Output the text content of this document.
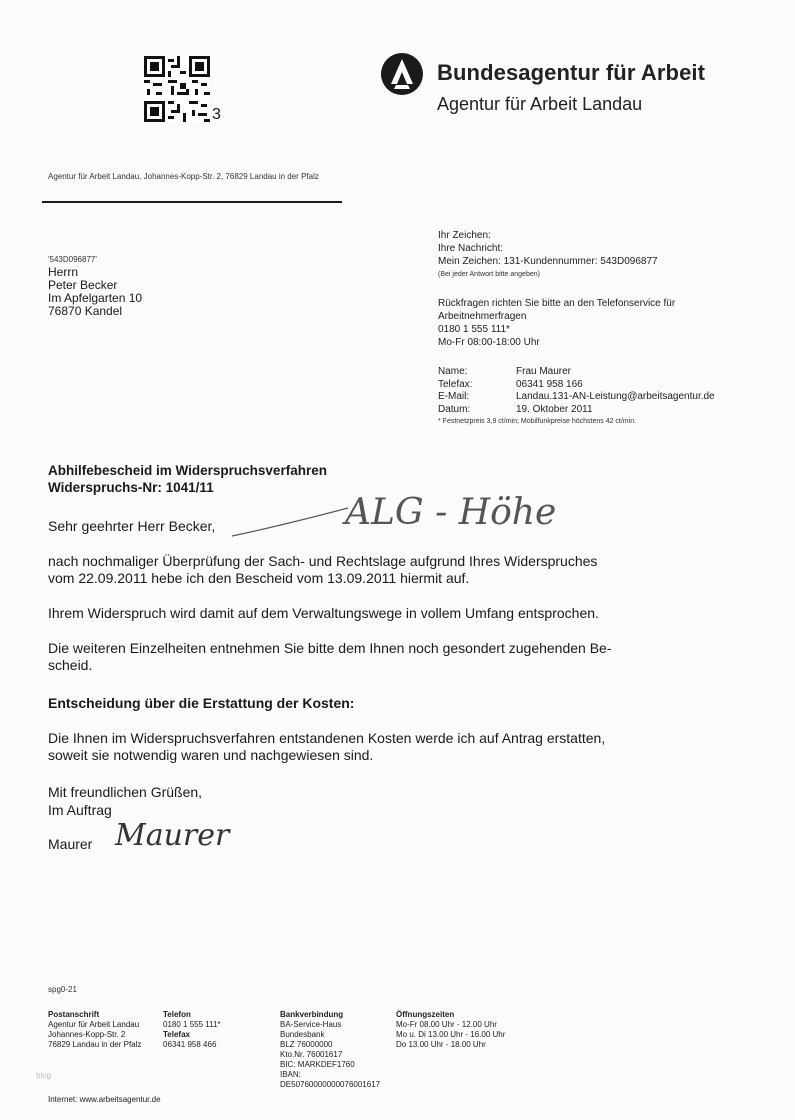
3
Bundesagentur für Arbeit
Agentur für Arbeit Landau
Agentur für Arbeit Landau, Johannes-Kopp-Str. 2, 76829 Landau in der Pfalz
'543D096877'
Herrn
Peter Becker
Im Apfelgarten 10
76870 Kandel
Ihr Zeichen:
Ihre Nachricht:
Mein Zeichen: 131-Kundennummer: 543D096877
(Bei jeder Antwort bitte angeben)
Rückfragen richten Sie bitte an den Telefonservice für
Arbeitnehmerfragen
0180 1 555 111*
Mo-Fr 08:00-18:00 Uhr
Name:	Frau Maurer
Telefax:	06341 958 166
E-Mail:	Landau.131-AN-Leistung@arbeitsagentur.de
Datum:	19. Oktober 2011
* Festnetzpreis 3,9 ct/min; Mobilfunkpreise höchstens 42 ct/min.
Abhilfebescheid im Widerspruchsverfahren
Widerspruchs-Nr: 1041/11
Sehr geehrter Herr Becker,	ALG - Höhe
nach nochmaliger Überprüfung der Sach- und Rechtslage aufgrund Ihres Widerspruches
vom 22.09.2011 hebe ich den Bescheid vom 13.09.2011 hiermit auf.
Ihrem Widerspruch wird damit auf dem Verwaltungswege in vollem Umfang entsprochen.
Die weiteren Einzelheiten entnehmen Sie bitte dem Ihnen noch gesondert zugehenden Be-
scheid.
Entscheidung über die Erstattung der Kosten:
Die Ihnen im Widerspruchsverfahren entstandenen Kosten werde ich auf Antrag erstatten,
soweit sie notwendig waren und nachgewiesen sind.
Mit freundlichen Grüßen,
Im Auftrag
Maurer Maurer
spg0-21
Postanschrift
Agentur für Arbeit Landau
Johannes-Kopp-Str. 2
76829 Landau in der Pfalz
Telefon
0180 1 555 111*
Telefax
06341 958 466
Bankverbindung
BA-Service-Haus
Bundesbank
BLZ 76000000
Kto.Nr. 76001617
BIC: MARKDEF1760
IBAN:
DE50760000000076001617
Öffnungszeiten
Mo-Fr 08.00 Uhr - 12.00 Uhr
Mo u. Di 13.00 Uhr - 16.00 Uhr
Do 13.00 Uhr - 18.00 Uhr
blog
Internet: www.arbeitsagentur.de
